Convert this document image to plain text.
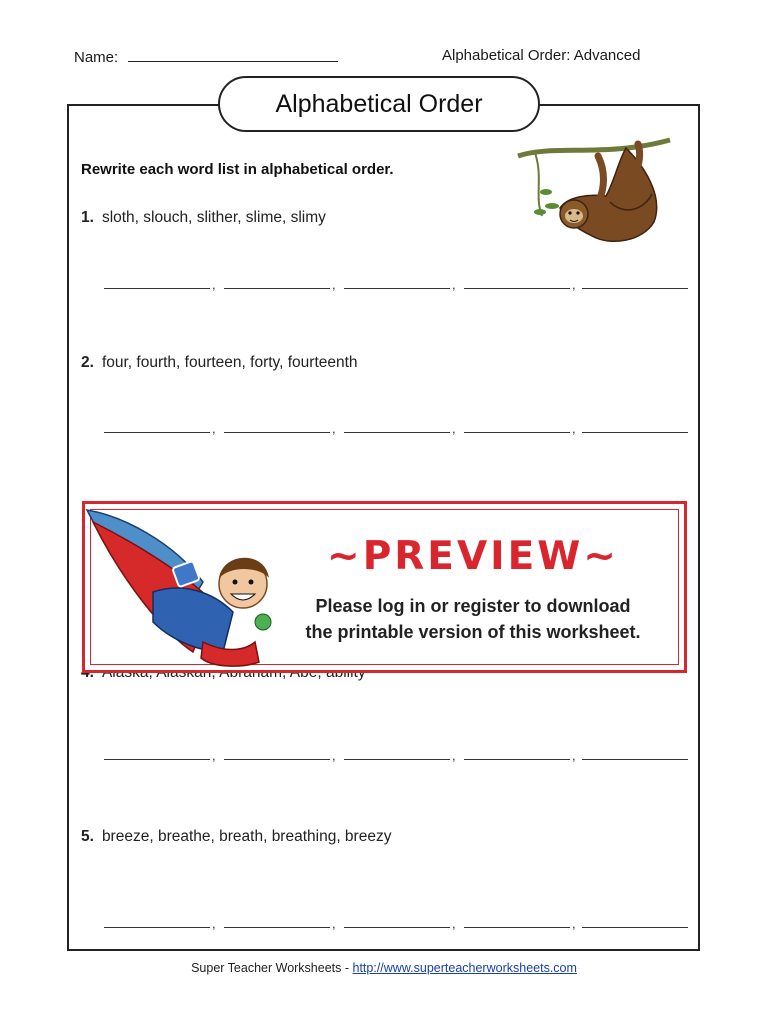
Name:	Alphabetical Order: Advanced
Alphabetical Order
Rewrite each word list in alphabetical order.
1. sloth, slouch, slither, slime, slimy
,	,	,	,
2. four, fourth, fourteen, forty, fourteenth
,	,	,	,
,	,	,	,
5. breeze, breathe, breath, breathing, breezy
,	,	,	,
~PREVIEW~
Please log in or register to download
the printable version of this worksheet.
Super Teacher Worksheets - http://www.superteacherworksheets.com
